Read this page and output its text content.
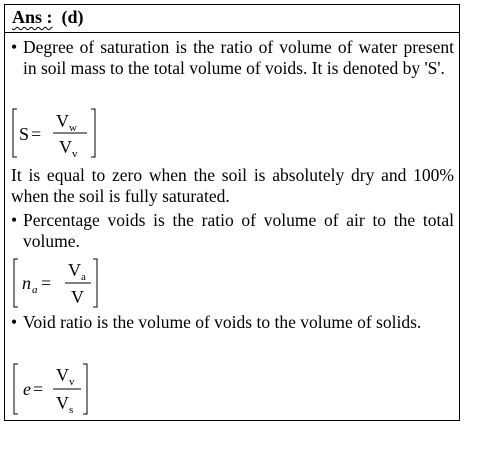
Ans : (d)
• Degree of saturation is the ratio of volume of water present in soil mass to the total volume of voids. It is denoted by 'S'.
S =
V w
V v
It is equal to zero when the soil is absolutely dry and 100% when the soil is fully saturated.
• Percentage voids is the ratio of volume of air to the total volume.
n a =
V a
V
• Void ratio is the volume of voids to the volume of solids.
e =
V v
V s
